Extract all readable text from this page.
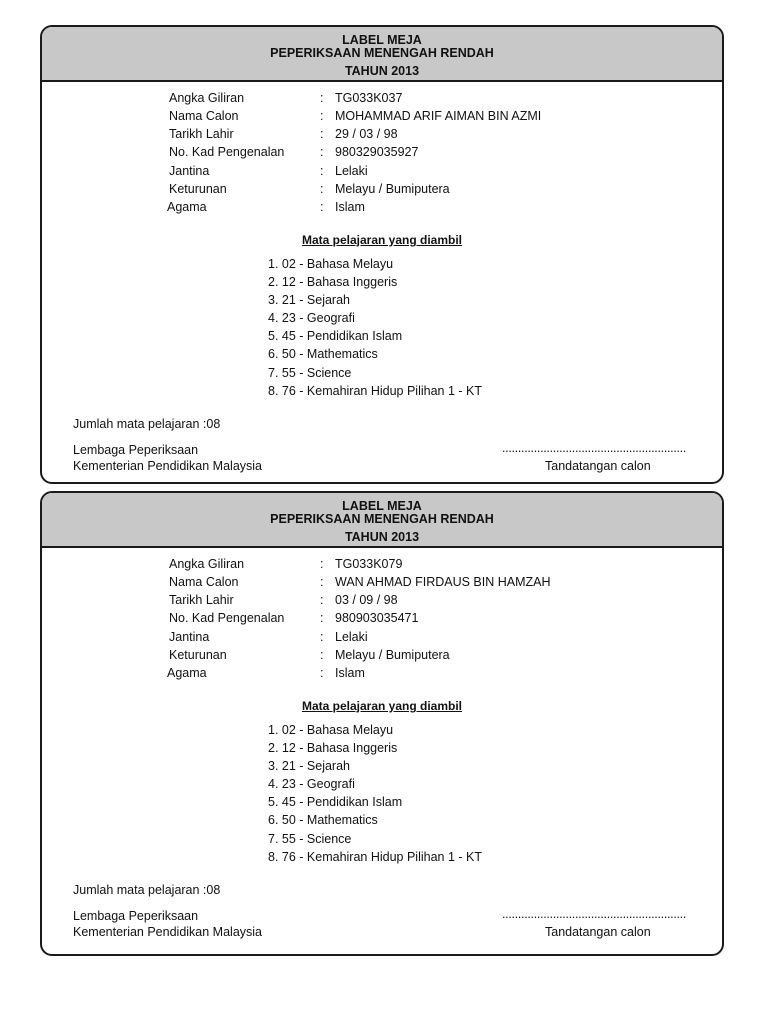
LABEL MEJA
PEPERIKSAAN MENENGAH RENDAH
TAHUN 2013
Angka Giliran	: TG033K037
Nama Calon	: MOHAMMAD ARIF AIMAN BIN AZMI
Tarikh Lahir	: 29 / 03 / 98
No. Kad Pengenalan	: 980329035927
Jantina	: Lelaki
Keturunan	: Melayu / Bumiputera
Agama	: Islam
Mata pelajaran yang diambil
1. 02 - Bahasa Melayu
2. 12 - Bahasa Inggeris
3. 21 - Sejarah
4. 23 - Geografi
5. 45 - Pendidikan Islam
6. 50 - Mathematics
7. 55 - Science
8. 76 - Kemahiran Hidup Pilihan 1 - KT
Jumlah mata pelajaran :08
Lembaga Peperiksaan
Kementerian Pendidikan Malaysia
..........................................................
Tandatangan calon
LABEL MEJA
PEPERIKSAAN MENENGAH RENDAH
TAHUN 2013
Angka Giliran	: TG033K079
Nama Calon	: WAN AHMAD FIRDAUS BIN HAMZAH
Tarikh Lahir	: 03 / 09 / 98
No. Kad Pengenalan	: 980903035471
Jantina	: Lelaki
Keturunan	: Melayu / Bumiputera
Agama	: Islam
Mata pelajaran yang diambil
1. 02 - Bahasa Melayu
2. 12 - Bahasa Inggeris
3. 21 - Sejarah
4. 23 - Geografi
5. 45 - Pendidikan Islam
6. 50 - Mathematics
7. 55 - Science
8. 76 - Kemahiran Hidup Pilihan 1 - KT
Jumlah mata pelajaran :08
Lembaga Peperiksaan
Kementerian Pendidikan Malaysia
..........................................................
Tandatangan calon
